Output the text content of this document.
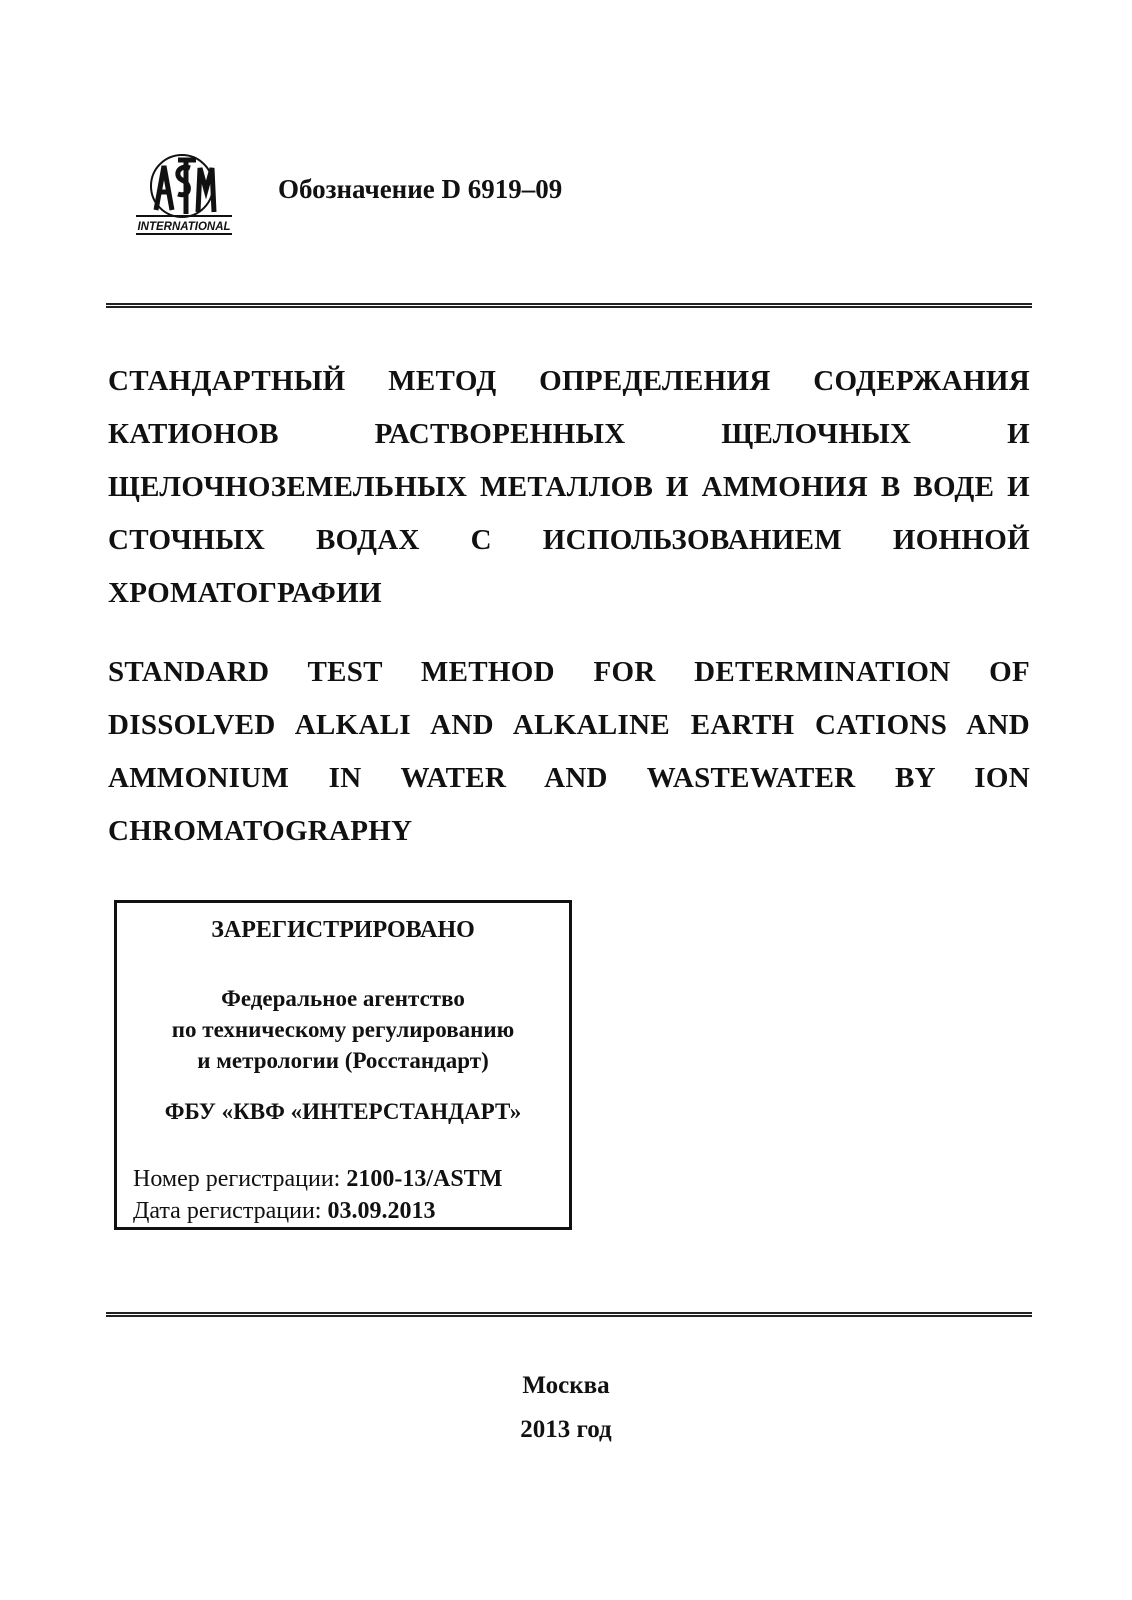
INTERNATIONAL
Обозначение D 6919–09
СТАНДАРТНЫЙ МЕТОД ОПРЕДЕЛЕНИЯ СОДЕРЖАНИЯ КАТИОНОВ РАСТВОРЕННЫХ ЩЕЛОЧНЫХ И ЩЕЛОЧНОЗЕМЕЛЬНЫХ МЕТАЛЛОВ И АММОНИЯ В ВОДЕ И СТОЧНЫХ ВОДАХ С ИСПОЛЬЗОВАНИЕМ ИОННОЙ ХРОМАТОГРАФИИ
STANDARD TEST METHOD FOR DETERMINATION OF DISSOLVED ALKALI AND ALKALINE EARTH CATIONS AND AMMONIUM IN WATER AND WASTEWATER BY ION CHROMATOGRAPHY
ЗАРЕГИСТРИРОВАНО
Федеральное агентство
по техническому регулированию
и метрологии (Росстандарт)
ФБУ «КВФ «ИНТЕРСТАНДАРТ»
Номер регистрации: 2100-13/ASTM
Дата регистрации: 03.09.2013
Москва
2013 год
